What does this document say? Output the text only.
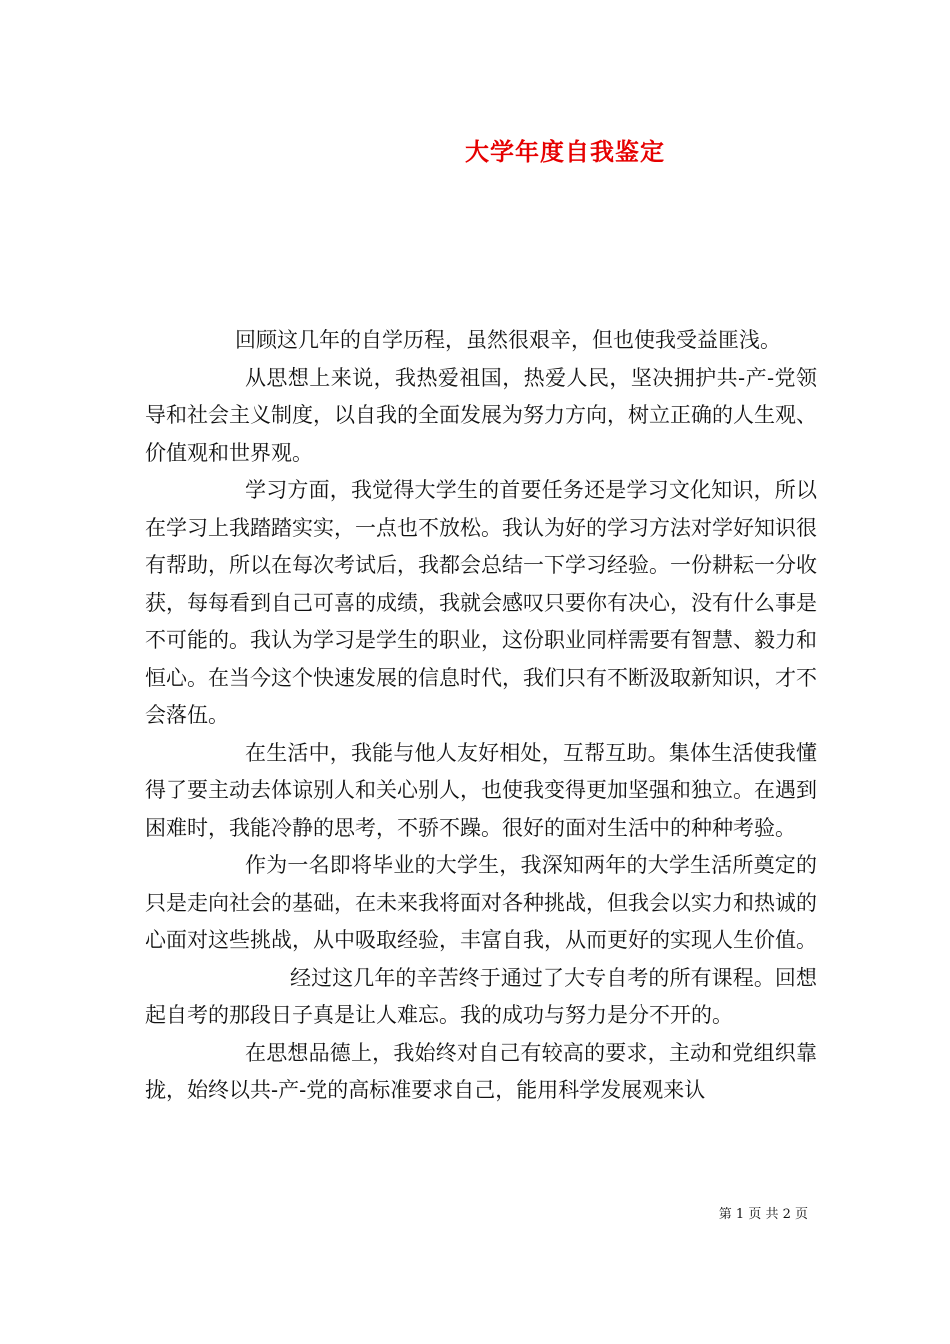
大学年度自我鉴定

回顾这几年的自学历程，虽然很艰辛，但也使我受益匪浅。

从思想上来说，我热爱祖国，热爱人民，坚决拥护共-产-党领导和社会主义制度，以自我的全面发展为努力方向，树立正确的人生观、价值观和世界观。

学习方面，我觉得大学生的首要任务还是学习文化知识，所以在学习上我踏踏实实，一点也不放松。我认为好的学习方法对学好知识很有帮助，所以在每次考试后，我都会总结一下学习经验。一份耕耘一分收获，每每看到自己可喜的成绩，我就会感叹只要你有决心，没有什么事是不可能的。我认为学习是学生的职业，这份职业同样需要有智慧、毅力和恒心。在当今这个快速发展的信息时代，我们只有不断汲取新知识，才不会落伍。

在生活中，我能与他人友好相处，互帮互助。集体生活使我懂得了要主动去体谅别人和关心别人，也使我变得更加坚强和独立。在遇到困难时，我能冷静的思考，不骄不躁。很好的面对生活中的种种考验。

作为一名即将毕业的大学生，我深知两年的大学生活所奠定的只是走向社会的基础，在未来我将面对各种挑战，但我会以实力和热诚的心面对这些挑战，从中吸取经验，丰富自我，从而更好的实现人生价值。

经过这几年的辛苦终于通过了大专自考的所有课程。回想起自考的那段日子真是让人难忘。我的成功与努力是分不开的。

在思想品德上，我始终对自己有较高的要求，主动和党组织靠拢，始终以共-产-党的高标准要求自己，能用科学发展观来认

第 1 页 共 2 页
